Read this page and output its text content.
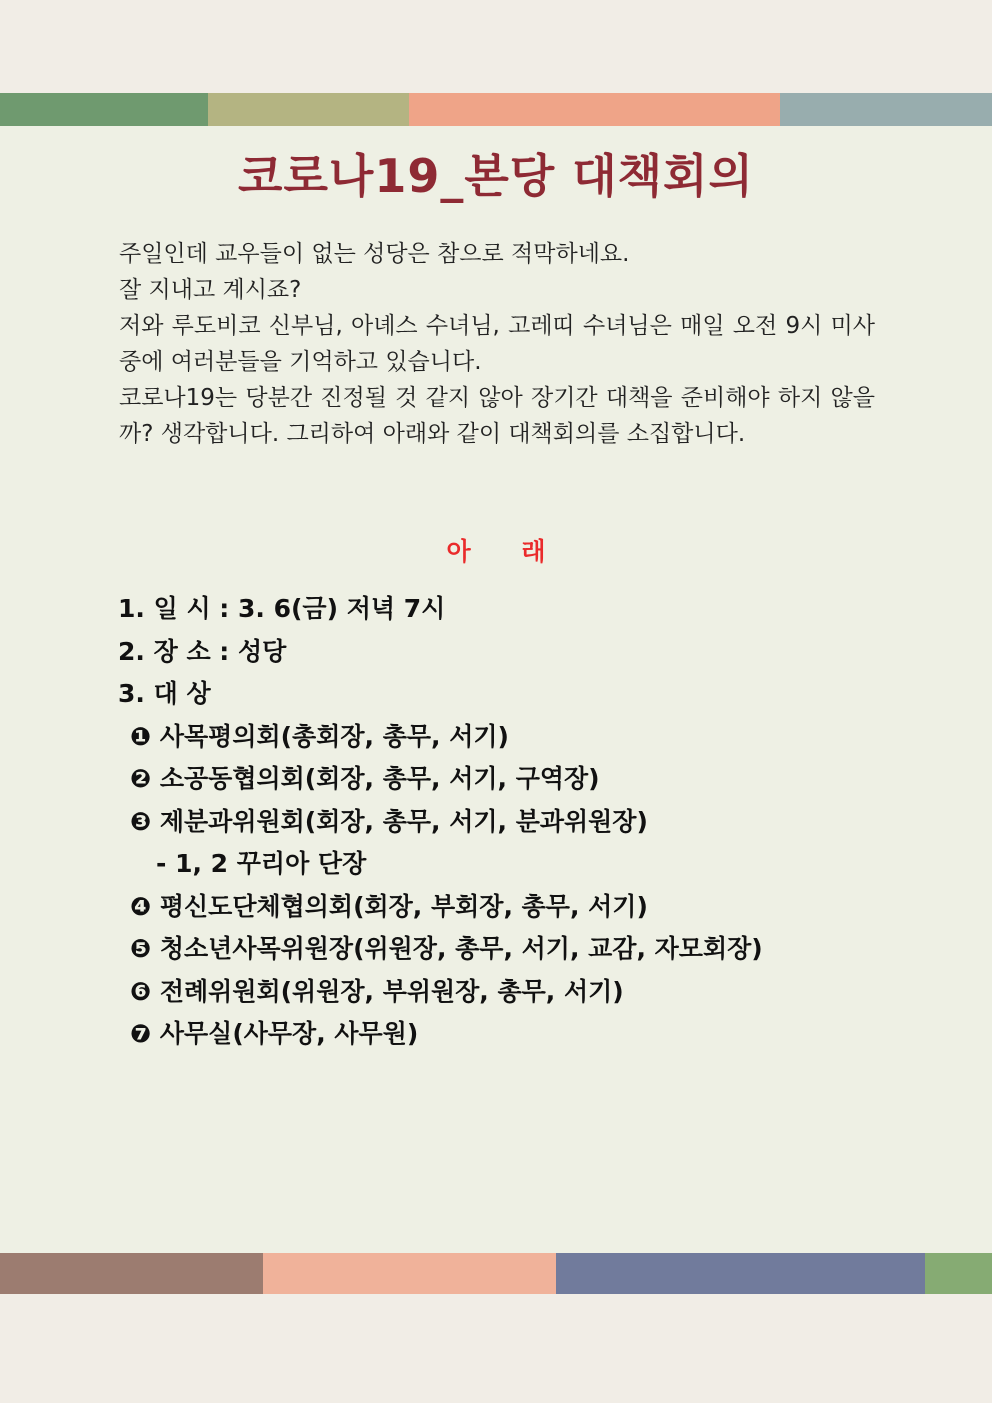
코로나19_본당 대책회의

주일인데 교우들이 없는 성당은 참으로 적막하네요.

잘 지내고 계시죠?

저와 루도비코 신부님, 아녜스 수녀님, 고레띠 수녀님은 매일 오전 9시 미사 중에 여러분들을 기억하고 있습니다.

코로나19는 당분간 진정될 것 같지 않아 장기간 대책을 준비해야 하지 않을까? 생각합니다. 그리하여 아래와 같이 대책회의를 소집합니다.

아 래
1. 일 시 : 3. 6(금) 저녁 7시
2. 장 소 : 성당
3. 대 상
❶ 사목평의회(총회장, 총무, 서기)
❷ 소공동협의회(회장, 총무, 서기, 구역장)
❸ 제분과위원회(회장, 총무, 서기, 분과위원장)
- 1, 2 꾸리아 단장
❹ 평신도단체협의회(회장, 부회장, 총무, 서기)
❺ 청소년사목위원장(위원장, 총무, 서기, 교감, 자모회장)
❻ 전례위원회(위원장, 부위원장, 총무, 서기)
❼ 사무실(사무장, 사무원)
